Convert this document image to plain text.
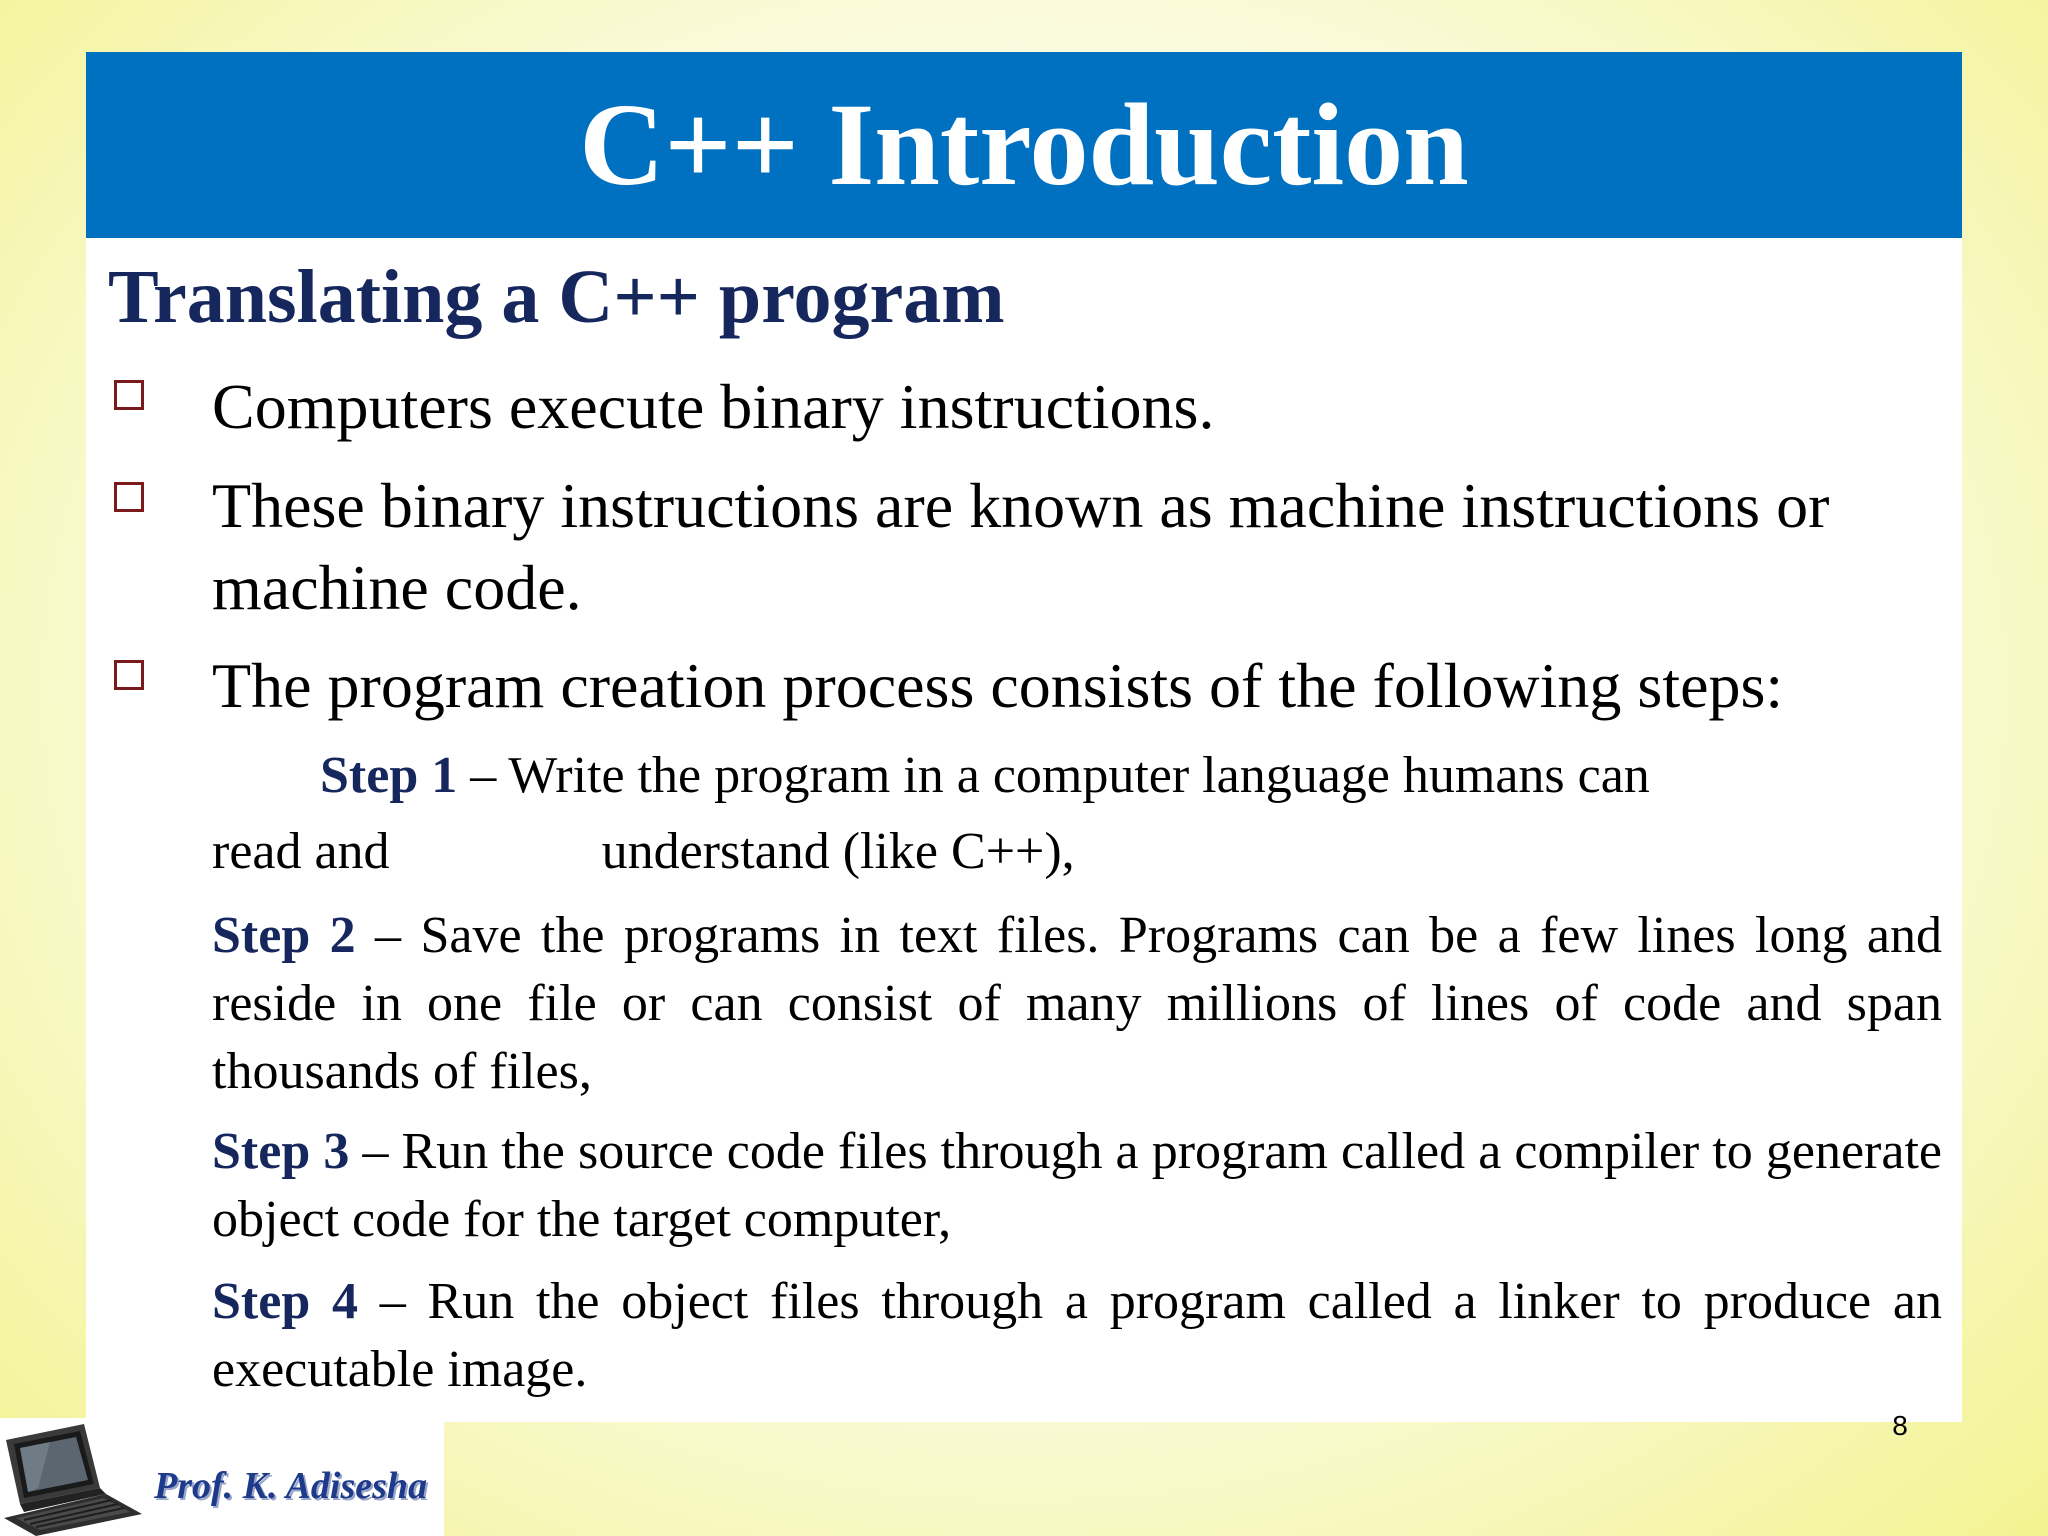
C++ Introduction
Translating a C++ program
Computers execute binary instructions.
These binary instructions are known as machine instructions or machine code.
The program creation process consists of the following steps:
Step 1 – Write the program in a computer language humans can
read and	understand (like C++),
Step 2 – Save the programs in text files. Programs can be a few lines long and reside in one file or can consist of many millions of lines of code and span thousands of files,
Step 3 – Run the source code files through a program called a compiler to generate object code for the target computer,
Step 4 – Run the object files through a program called a linker to produce an executable image.
8
Prof. K. Adisesha
